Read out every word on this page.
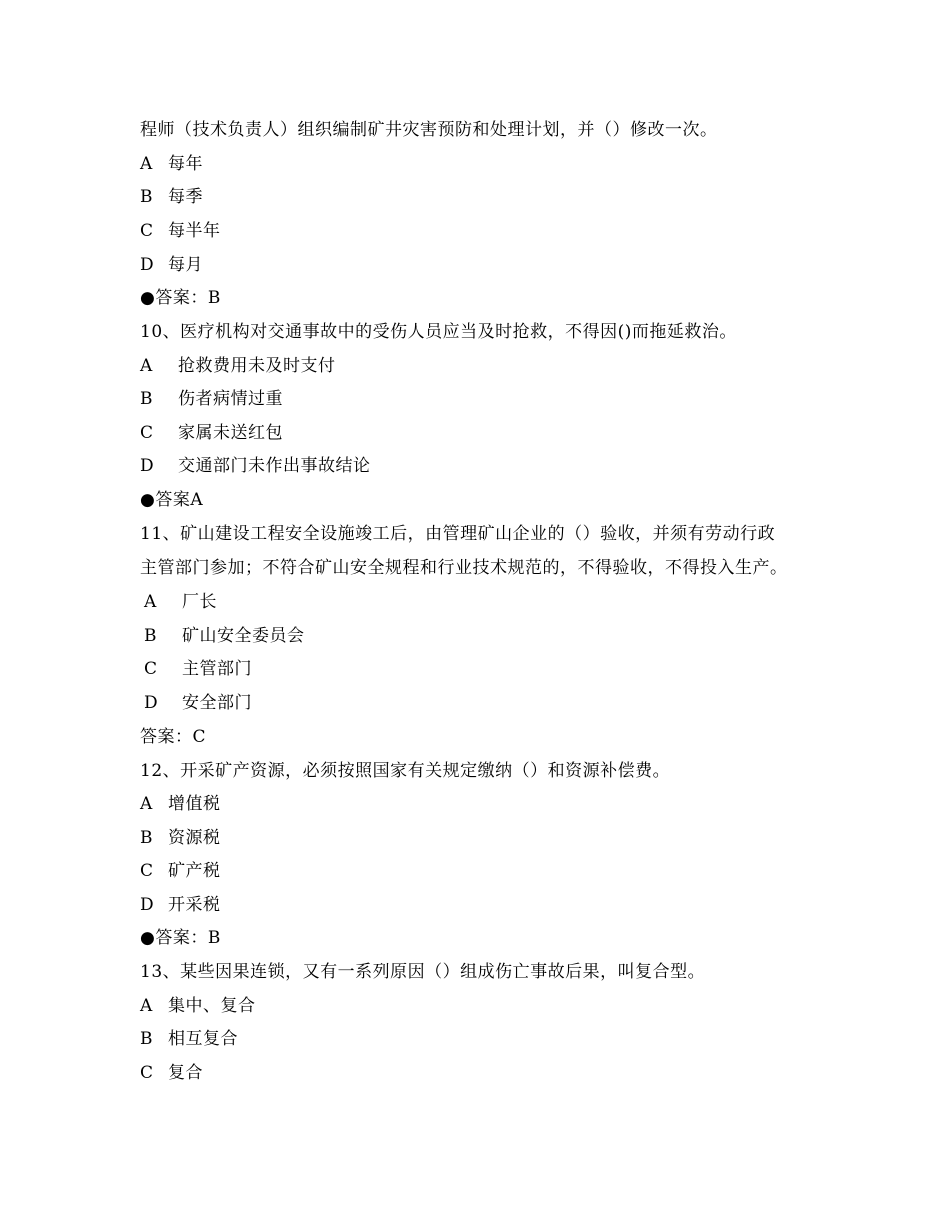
程师（技术负责人）组织编制矿井灾害预防和处理计划，并（）修改一次。
A 每年
B 每季
C 每半年
D 每月
●答案：B
10、医疗机构对交通事故中的受伤人员应当及时抢救，不得因()而拖延救治。
A 抢救费用未及时支付
B 伤者病情过重
C 家属未送红包
D 交通部门未作出事故结论
●答案A
11、矿山建设工程安全设施竣工后，由管理矿山企业的（）验收，并须有劳动行政
主管部门参加；不符合矿山安全规程和行业技术规范的，不得验收，不得投入生产。
A 厂长
B 矿山安全委员会
C 主管部门
D 安全部门
答案：C
12、开采矿产资源，必须按照国家有关规定缴纳（）和资源补偿费。
A 增值税
B 资源税
C 矿产税
D 开采税
●答案：B
13、某些因果连锁，又有一系列原因（）组成伤亡事故后果，叫复合型。
A 集中、复合
B 相互复合
C 复合
